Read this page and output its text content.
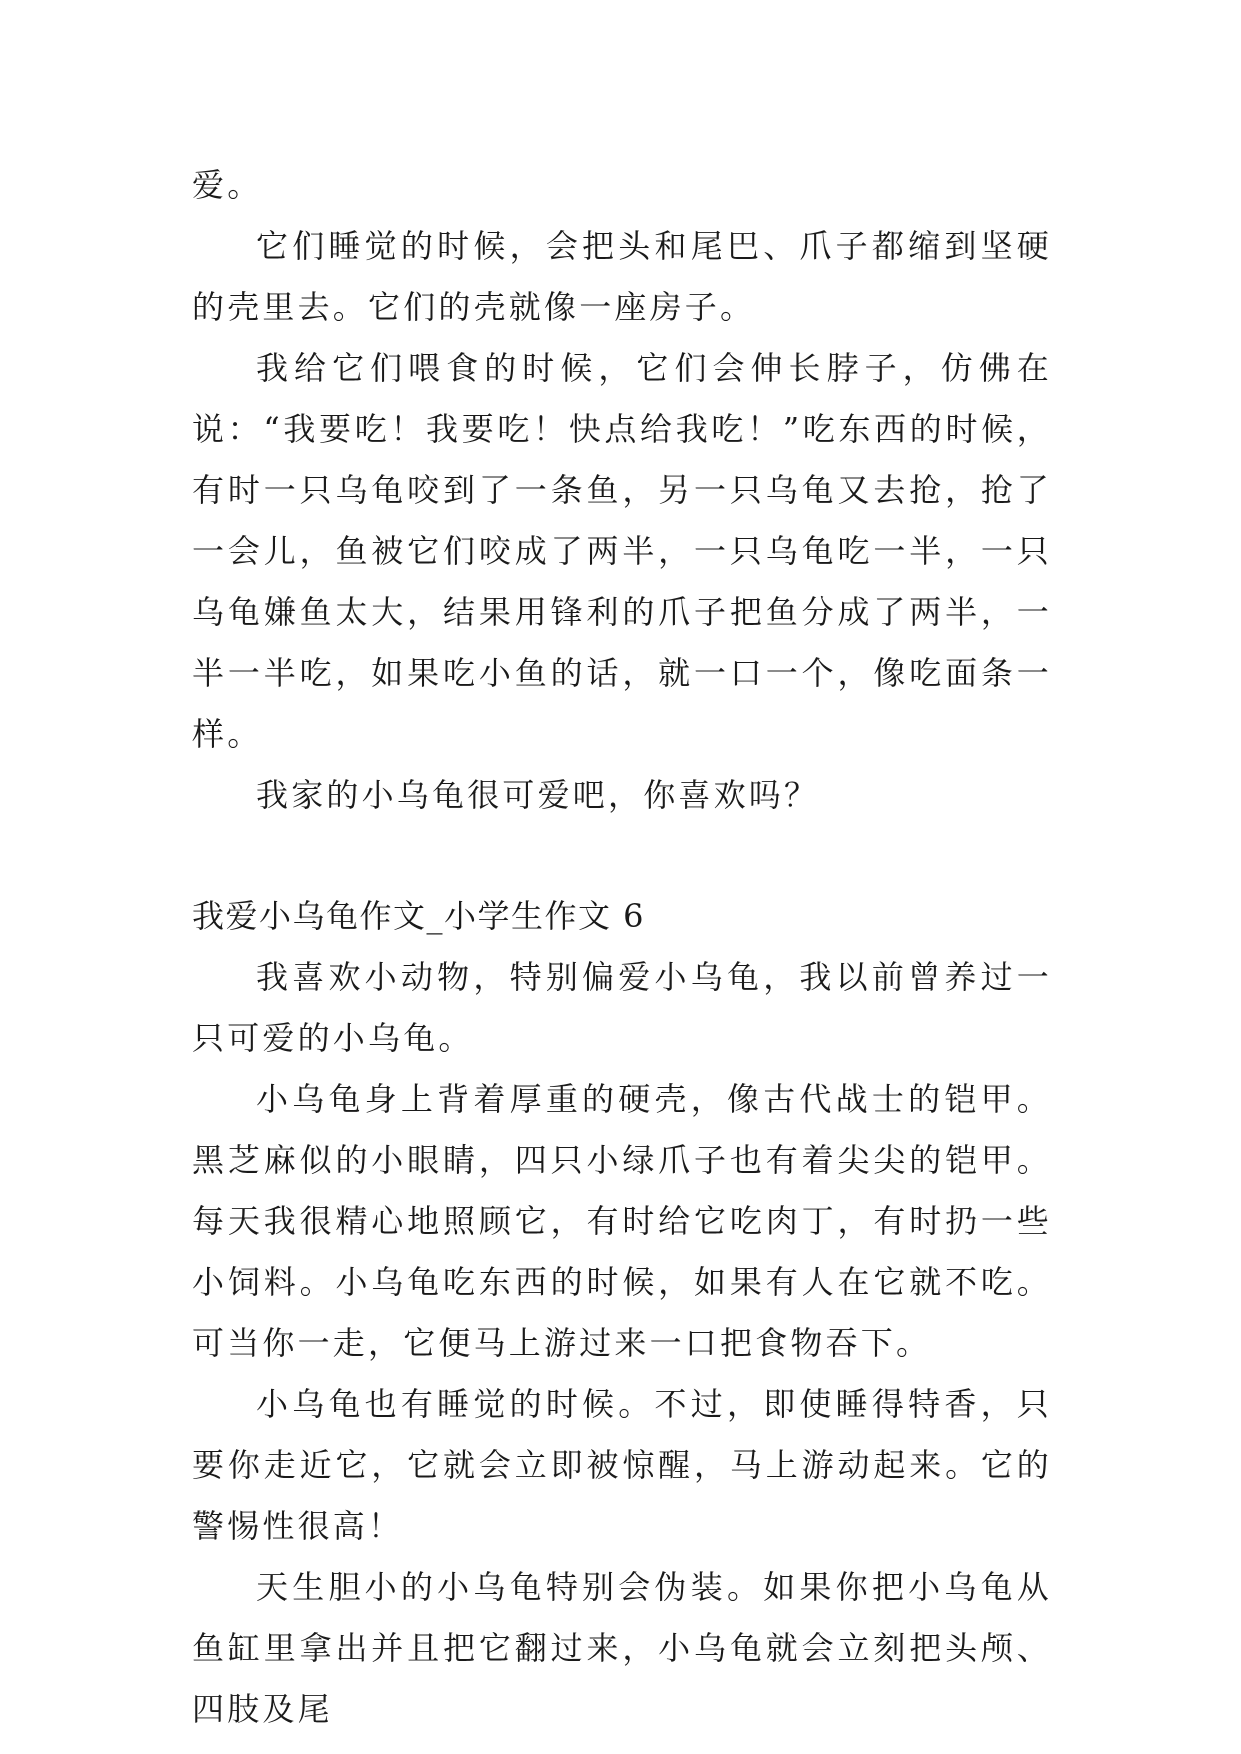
爱。

它们睡觉的时候，会把头和尾巴、爪子都缩到坚硬的壳里去。它们的壳就像一座房子。

我给它们喂食的时候，它们会伸长脖子，仿佛在说：“我要吃！我要吃！快点给我吃！”吃东西的时候，有时一只乌龟咬到了一条鱼，另一只乌龟又去抢，抢了一会儿，鱼被它们咬成了两半，一只乌龟吃一半，一只乌龟嫌鱼太大，结果用锋利的爪子把鱼分成了两半，一半一半吃，如果吃小鱼的话，就一口一个，像吃面条一样。

我家的小乌龟很可爱吧，你喜欢吗？

我爱小乌龟作文_小学生作文 6

我喜欢小动物，特别偏爱小乌龟，我以前曾养过一只可爱的小乌龟。

小乌龟身上背着厚重的硬壳，像古代战士的铠甲。黑芝麻似的小眼睛，四只小绿爪子也有着尖尖的铠甲。每天我很精心地照顾它，有时给它吃肉丁，有时扔一些小饲料。小乌龟吃东西的时候，如果有人在它就不吃。可当你一走，它便马上游过来一口把食物吞下。

小乌龟也有睡觉的时候。不过，即使睡得特香，只要你走近它，它就会立即被惊醒，马上游动起来。它的警惕性很高！

天生胆小的小乌龟特别会伪装。如果你把小乌龟从鱼缸里拿出并且把它翻过来，小乌龟就会立刻把头颅、四肢及尾
